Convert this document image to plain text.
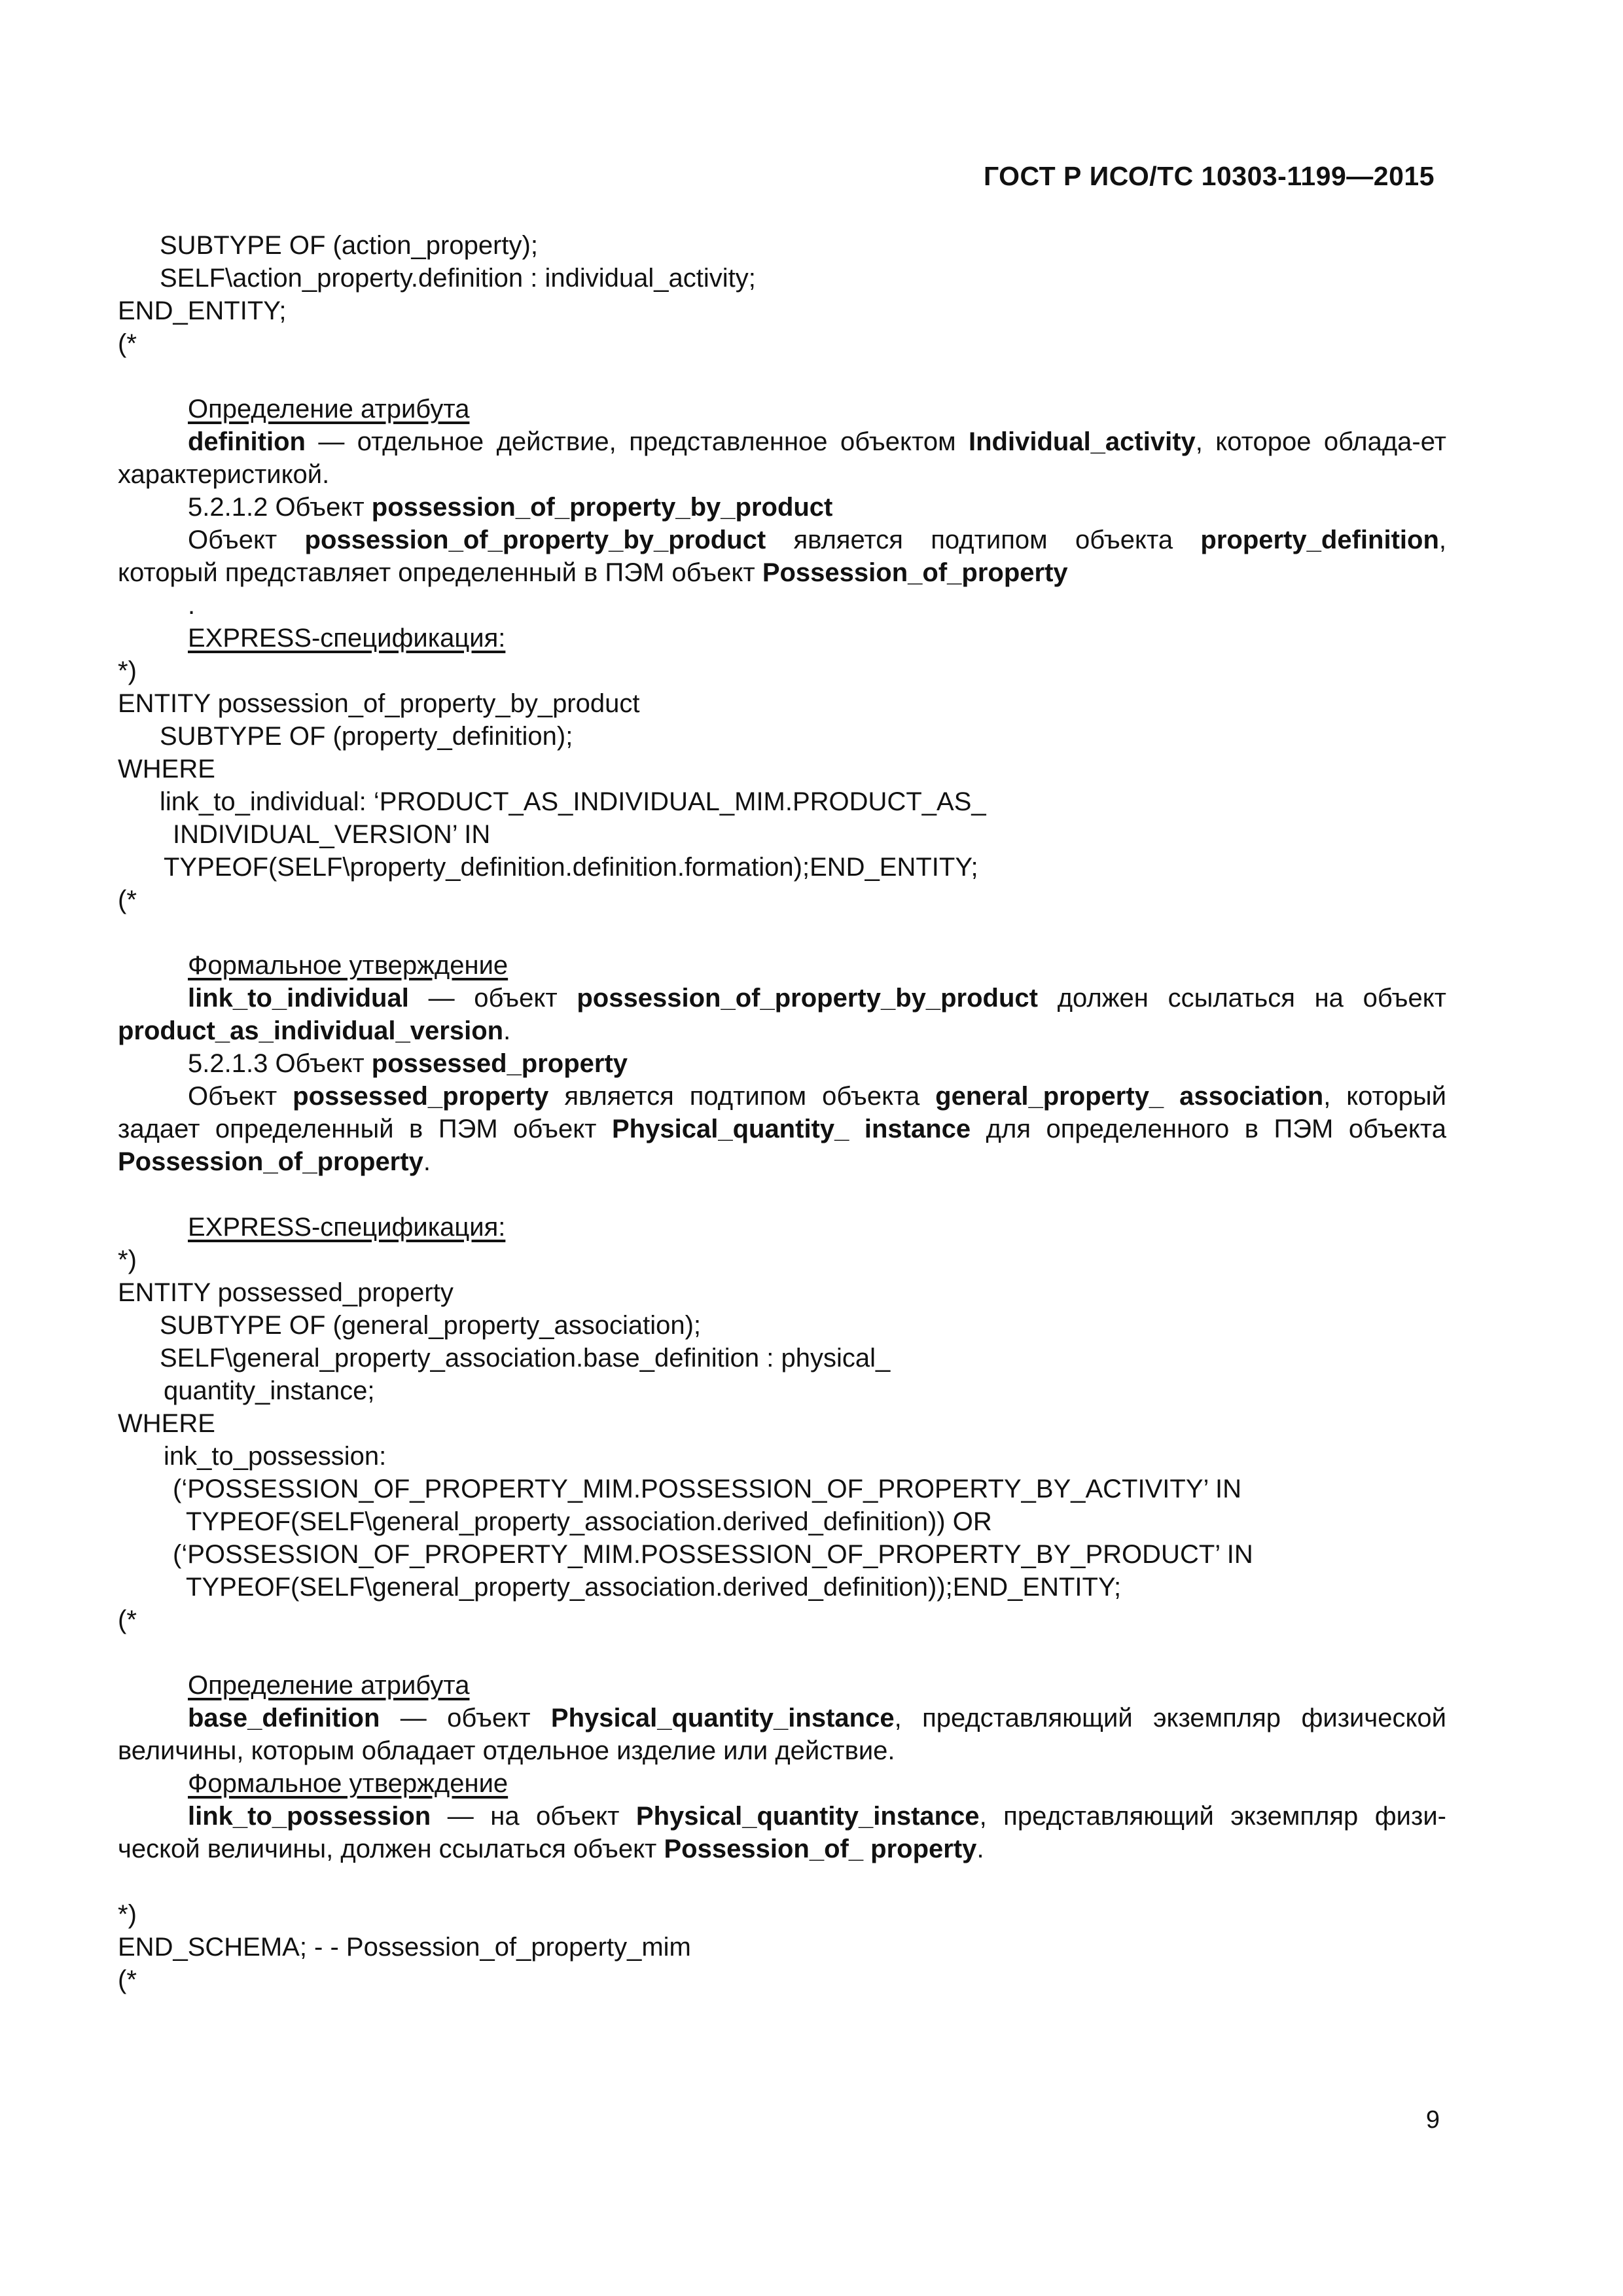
ГОСТ Р ИСО/ТС 10303-1199—2015
SUBTYPE OF (action_property);
SELF\action_property.definition : individual_activity;
END_ENTITY;
(*
Определение атрибута
definition — отдельное действие, представленное объектом Individual_activity, которое облада-ет характеристикой.
5.2.1.2 Объект possession_of_property_by_product
Объект possession_of_property_by_product является подтипом объекта property_definition, который представляет определенный в ПЭМ объект Possession_of_property
.
EXPRESS-спецификация:
*)
ENTITY possession_of_property_by_product
SUBTYPE OF (property_definition);
WHERE
link_to_individual: ‘PRODUCT_AS_INDIVIDUAL_MIM.PRODUCT_AS_
INDIVIDUAL_VERSION’ IN
TYPEOF(SELF\property_definition.definition.formation);END_ENTITY;
(*
Формальное утверждение
link_to_individual — объект possession_of_property_by_product должен ссылаться на объект product_as_individual_version.
5.2.1.3 Объект possessed_property
Объект possessed_property является подтипом объекта general_property_ association, который задает определенный в ПЭМ объект Physical_quantity_ instance для определенного в ПЭМ объекта Possession_of_property.
EXPRESS-спецификация:
*)
ENTITY possessed_property
SUBTYPE OF (general_property_association);
SELF\general_property_association.base_definition : physical_
quantity_instance;
WHERE
ink_to_possession:
(‘POSSESSION_OF_PROPERTY_MIM.POSSESSION_OF_PROPERTY_BY_ACTIVITY’ IN
TYPEOF(SELF\general_property_association.derived_definition)) OR
(‘POSSESSION_OF_PROPERTY_MIM.POSSESSION_OF_PROPERTY_BY_PRODUCT’ IN
TYPEOF(SELF\general_property_association.derived_definition));END_ENTITY;
(*
Определение атрибута
base_definition — объект Physical_quantity_instance, представляющий экземпляр физической величины, которым обладает отдельное изделие или действие.
Формальное утверждение
link_to_possession — на объект Physical_quantity_instance, представляющий экземпляр физи-ческой величины, должен ссылаться объект Possession_of_ property.
*)
END_SCHEMA; - - Possession_of_property_mim
(*
9
